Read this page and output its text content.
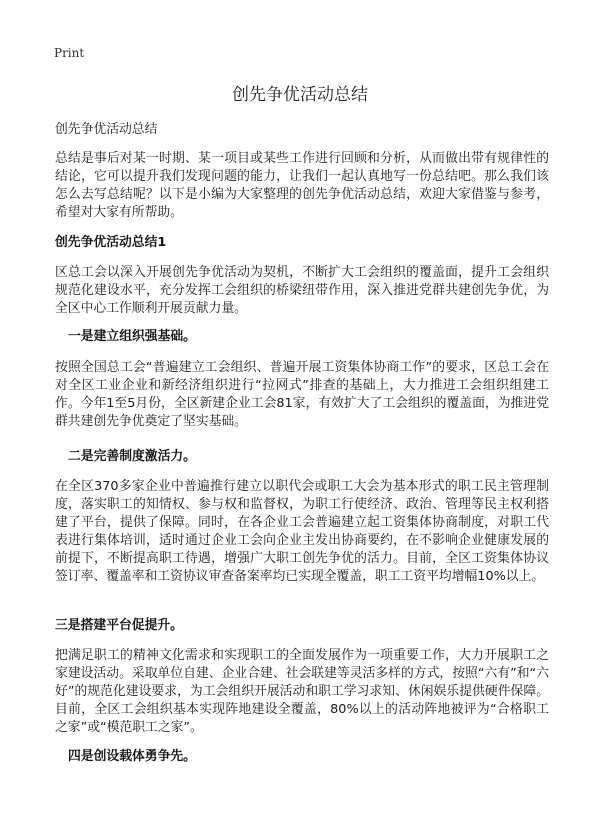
Print
创先争优活动总结
创先争优活动总结
总结是事后对某一时期、某一项目或某些工作进行回顾和分析，从而做出带有规律性的结论，它可以提升我们发现问题的能力，让我们一起认真地写一份总结吧。那么我们该怎么去写总结呢？以下是小编为大家整理的创先争优活动总结，欢迎大家借鉴与参考，希望对大家有所帮助。
创先争优活动总结1
区总工会以深入开展创先争优活动为契机，不断扩大工会组织的覆盖面，提升工会组织规范化建设水平，充分发挥工会组织的桥梁纽带作用，深入推进党群共建创先争优，为全区中心工作顺利开展贡献力量。
一是建立组织强基础。
按照全国总工会“普遍建立工会组织、普遍开展工资集体协商工作”的要求，区总工会在对全区工业企业和新经济组织进行“拉网式”排查的基础上，大力推进工会组织组建工作。今年1至5月份，全区新建企业工会81家，有效扩大了工会组织的覆盖面，为推进党群共建创先争优奠定了坚实基础。
二是完善制度激活力。
在全区370多家企业中普遍推行建立以职代会或职工大会为基本形式的职工民主管理制度，落实职工的知情权、参与权和监督权，为职工行使经济、政治、管理等民主权利搭建了平台，提供了保障。同时，在各企业工会普遍建立起工资集体协商制度，对职工代表进行集体培训，适时通过企业工会向企业主发出协商要约，在不影响企业健康发展的前提下，不断提高职工待遇，增强广大职工创先争优的活力。目前，全区工资集体协议签订率、覆盖率和工资协议审查备案率均已实现全覆盖，职工工资平均增幅10%以上。
三是搭建平台促提升。
把满足职工的精神文化需求和实现职工的全面发展作为一项重要工作，大力开展职工之家建设活动。采取单位自建、企业合建、社会联建等灵活多样的方式，按照“六有”和“六好”的规范化建设要求，为工会组织开展活动和职工学习求知、休闲娱乐提供硬件保障。目前，全区工会组织基本实现阵地建设全覆盖，80%以上的活动阵地被评为“合格职工之家”或“模范职工之家”。
四是创设载体勇争先。
